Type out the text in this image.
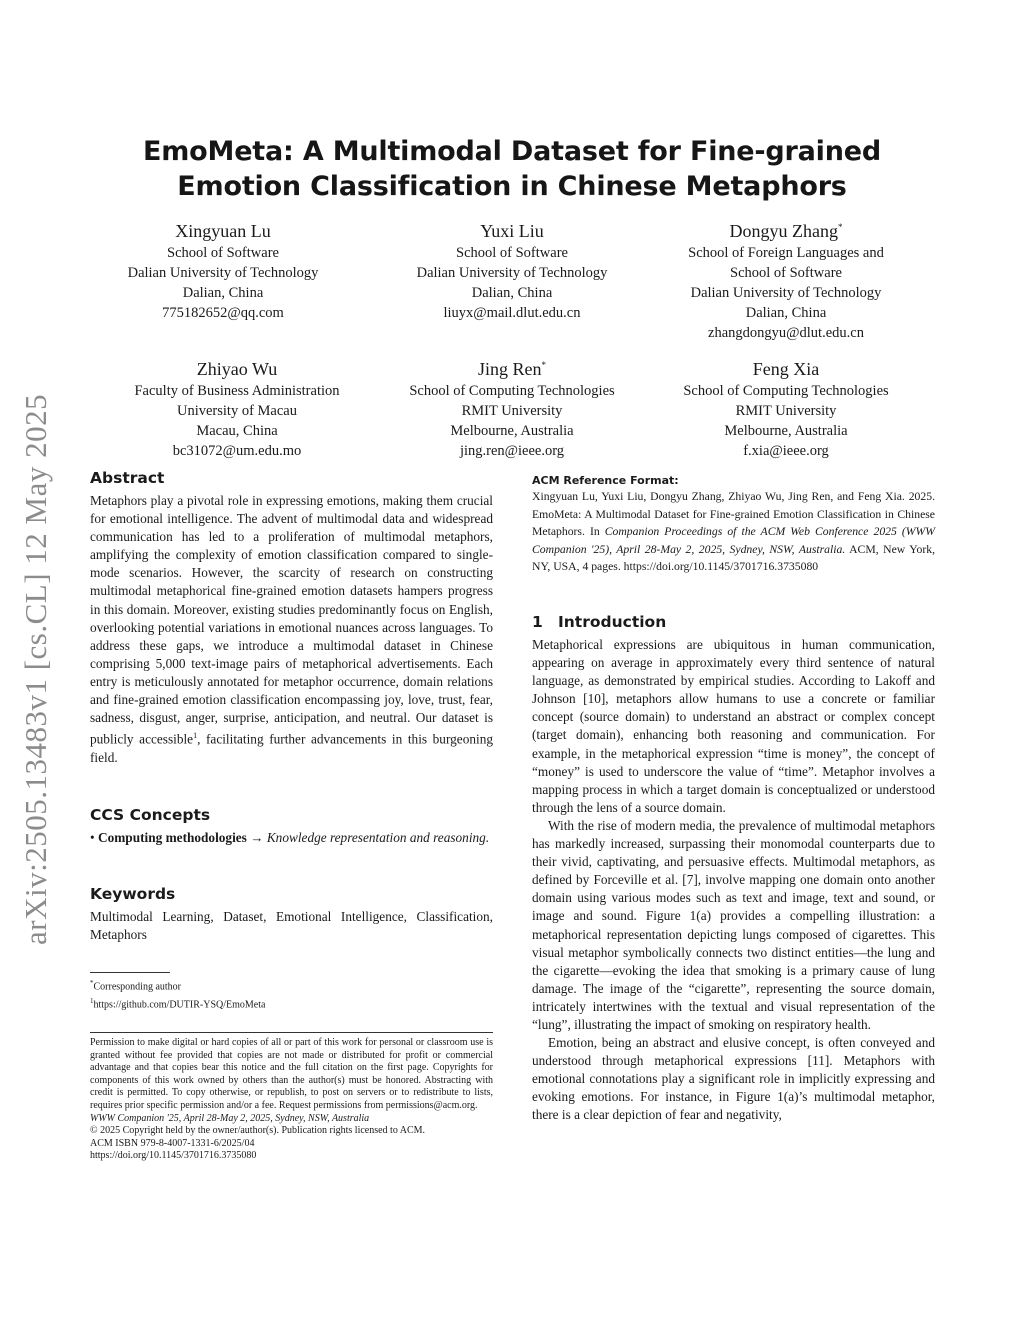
arXiv:2505.13483v1 [cs.CL] 12 May 2025
EmoMeta: A Multimodal Dataset for Fine-grained Emotion Classification in Chinese Metaphors
Xingyuan Lu
School of Software
Dalian University of Technology
Dalian, China
775182652@qq.com
Yuxi Liu
School of Software
Dalian University of Technology
Dalian, China
liuyx@mail.dlut.edu.cn
Dongyu Zhang*
School of Foreign Languages and
School of Software
Dalian University of Technology
Dalian, China
zhangdongyu@dlut.edu.cn
Zhiyao Wu
Faculty of Business Administration
University of Macau
Macau, China
bc31072@um.edu.mo
Jing Ren*
School of Computing Technologies
RMIT University
Melbourne, Australia
jing.ren@ieee.org
Feng Xia
School of Computing Technologies
RMIT University
Melbourne, Australia
f.xia@ieee.org
Abstract

Metaphors play a pivotal role in expressing emotions, making them crucial for emotional intelligence. The advent of multimodal data and widespread communication has led to a proliferation of multimodal metaphors, amplifying the complexity of emotion classification compared to single-mode scenarios. However, the scarcity of research on constructing multimodal metaphorical fine-grained emotion datasets hampers progress in this domain. Moreover, existing studies predominantly focus on English, overlooking potential variations in emotional nuances across languages. To address these gaps, we introduce a multimodal dataset in Chinese comprising 5,000 text-image pairs of metaphorical advertisements. Each entry is meticulously annotated for metaphor occurrence, domain relations and fine-grained emotion classification encompassing joy, love, trust, fear, sadness, disgust, anger, surprise, anticipation, and neutral. Our dataset is publicly accessible$^1$, facilitating further advancements in this burgeoning field.

CCS Concepts

• Computing methodologies → Knowledge representation and reasoning.

Keywords

Multimodal Learning, Dataset, Emotional Intelligence, Classification, Metaphors

*Corresponding author
$^1$https://github.com/DUTIR-YSQ/EmoMeta

Permission to make digital or hard copies of all or part of this work for personal or classroom use is granted without fee provided that copies are not made or distributed for profit or commercial advantage and that copies bear this notice and the full citation on the first page. Copyrights for components of this work owned by others than the author(s) must be honored. Abstracting with credit is permitted. To copy otherwise, or republish, to post on servers or to redistribute to lists, requires prior specific permission and/or a fee. Request permissions from permissions@acm.org.

WWW Companion '25, April 28-May 2, 2025, Sydney, NSW, Australia

© 2025 Copyright held by the owner/author(s). Publication rights licensed to ACM.

ACM ISBN 979-8-4007-1331-6/2025/04

https://doi.org/10.1145/3701716.3735080

ACM Reference Format:

Xingyuan Lu, Yuxi Liu, Dongyu Zhang, Zhiyao Wu, Jing Ren, and Feng Xia. 2025. EmoMeta: A Multimodal Dataset for Fine-grained Emotion Classification in Chinese Metaphors. In Companion Proceedings of the ACM Web Conference 2025 (WWW Companion '25), April 28-May 2, 2025, Sydney, NSW, Australia. ACM, New York, NY, USA, 4 pages. https://doi.org/10.1145/3701716.3735080

1 Introduction

Metaphorical expressions are ubiquitous in human communication, appearing on average in approximately every third sentence of natural language, as demonstrated by empirical studies. According to Lakoff and Johnson [10], metaphors allow humans to use a concrete or familiar concept (source domain) to understand an abstract or complex concept (target domain), enhancing both reasoning and communication. For example, in the metaphorical expression “time is money”, the concept of “money” is used to underscore the value of “time”. Metaphor involves a mapping process in which a target domain is conceptualized or understood through the lens of a source domain.

With the rise of modern media, the prevalence of multimodal metaphors has markedly increased, surpassing their monomodal counterparts due to their vivid, captivating, and persuasive effects. Multimodal metaphors, as defined by Forceville et al. [7], involve mapping one domain onto another domain using various modes such as text and image, text and sound, or image and sound. Figure 1(a) provides a compelling illustration: a metaphorical representation depicting lungs composed of cigarettes. This visual metaphor symbolically connects two distinct entities—the lung and the cigarette—evoking the idea that smoking is a primary cause of lung damage. The image of the “cigarette”, representing the source domain, intricately intertwines with the textual and visual representation of the “lung”, illustrating the impact of smoking on respiratory health.

Emotion, being an abstract and elusive concept, is often conveyed and understood through metaphorical expressions [11]. Metaphors with emotional connotations play a significant role in implicitly expressing and evoking emotions. For instance, in Figure 1(a)’s multimodal metaphor, there is a clear depiction of fear and negativity,
